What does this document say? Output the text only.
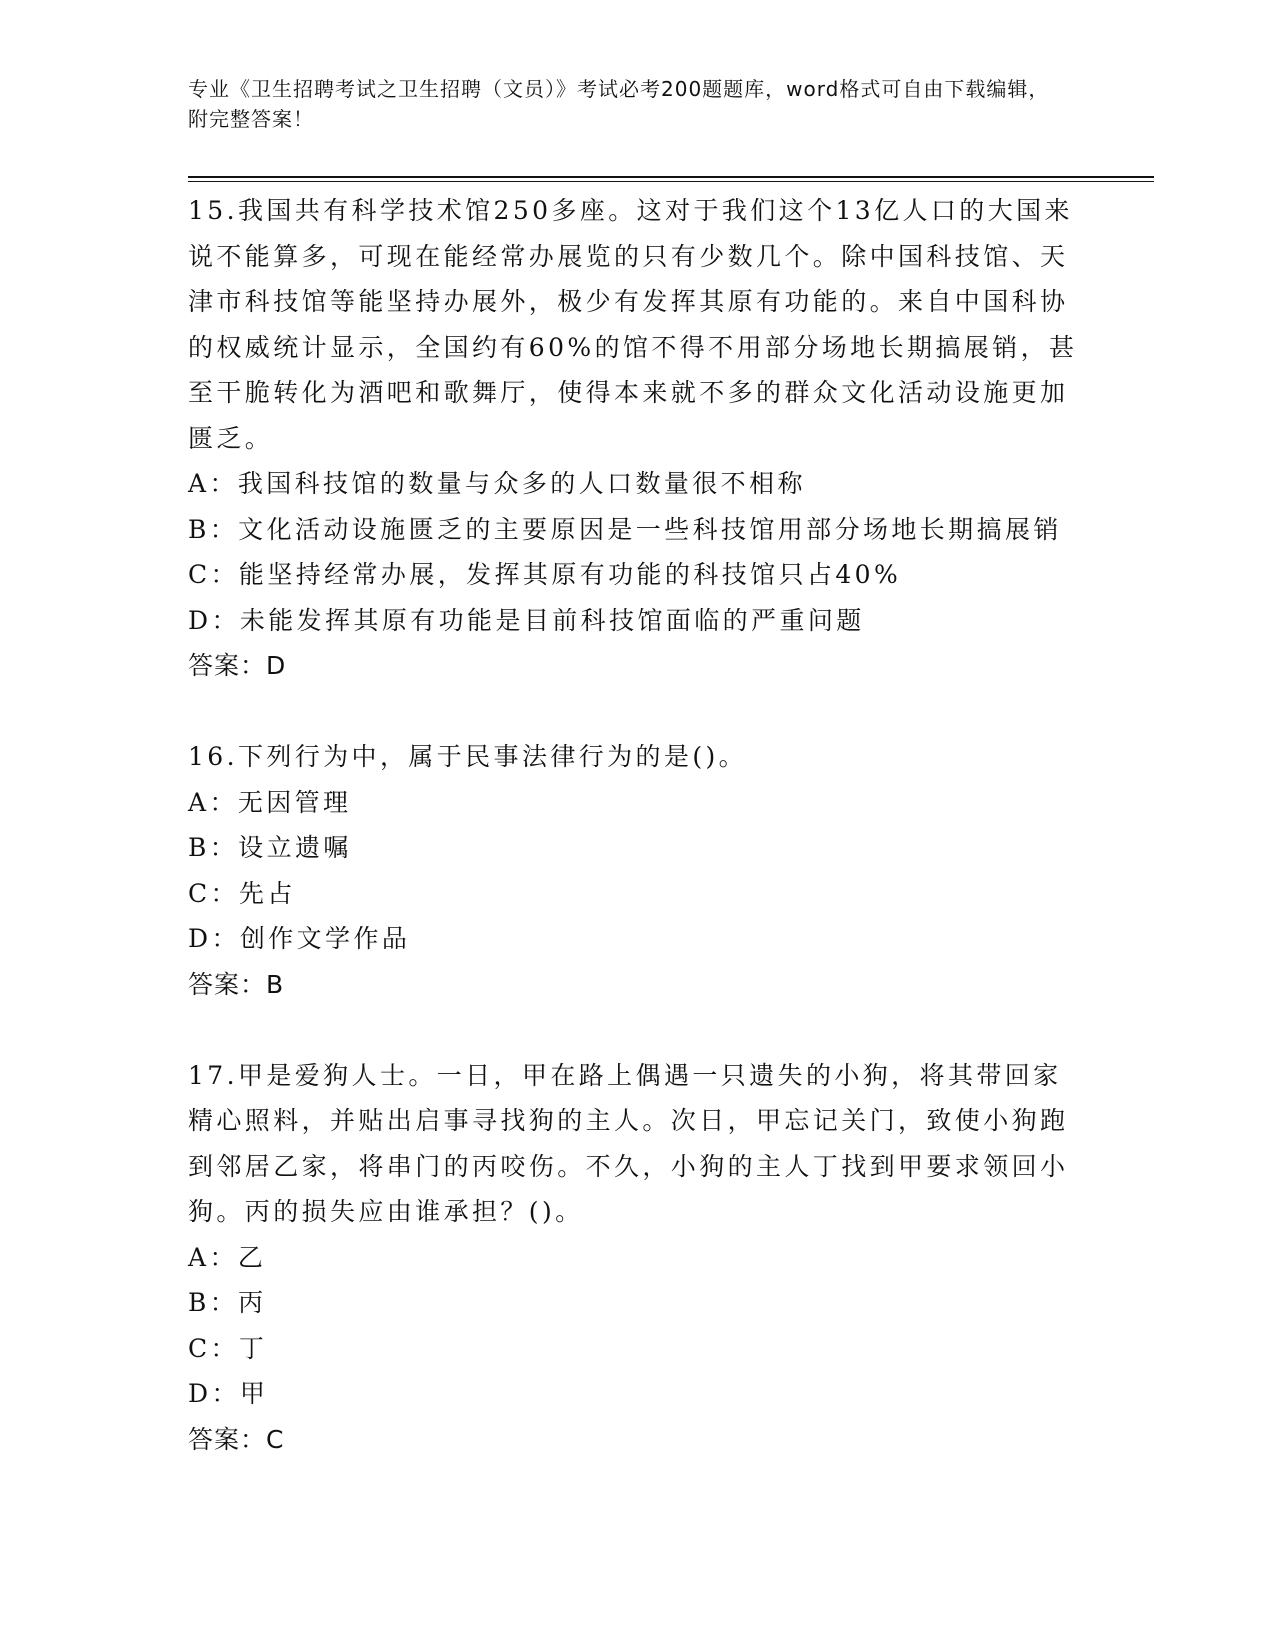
专业《卫生招聘考试之卫生招聘（文员）》考试必考200题题库，word格式可自由下载编辑，附完整答案！

15.我国共有科学技术馆250多座。这对于我们这个13亿人口的大国来说不能算多，可现在能经常办展览的只有少数几个。除中国科技馆、天津市科技馆等能坚持办展外，极少有发挥其原有功能的。来自中国科协的权威统计显示，全国约有60%的馆不得不用部分场地长期搞展销，甚至干脆转化为酒吧和歌舞厅，使得本来就不多的群众文化活动设施更加匮乏。

A：我国科技馆的数量与众多的人口数量很不相称

B：文化活动设施匮乏的主要原因是一些科技馆用部分场地长期搞展销

C：能坚持经常办展，发挥其原有功能的科技馆只占40%

D：未能发挥其原有功能是目前科技馆面临的严重问题

答案：D

16.下列行为中，属于民事法律行为的是()。

A：无因管理

B：设立遗嘱

C：先占

D：创作文学作品

答案：B

17.甲是爱狗人士。一日，甲在路上偶遇一只遗失的小狗，将其带回家精心照料，并贴出启事寻找狗的主人。次日，甲忘记关门，致使小狗跑到邻居乙家，将串门的丙咬伤。不久，小狗的主人丁找到甲要求领回小狗。丙的损失应由谁承担？()。

A：乙

B：丙

C：丁

D：甲

答案：C
